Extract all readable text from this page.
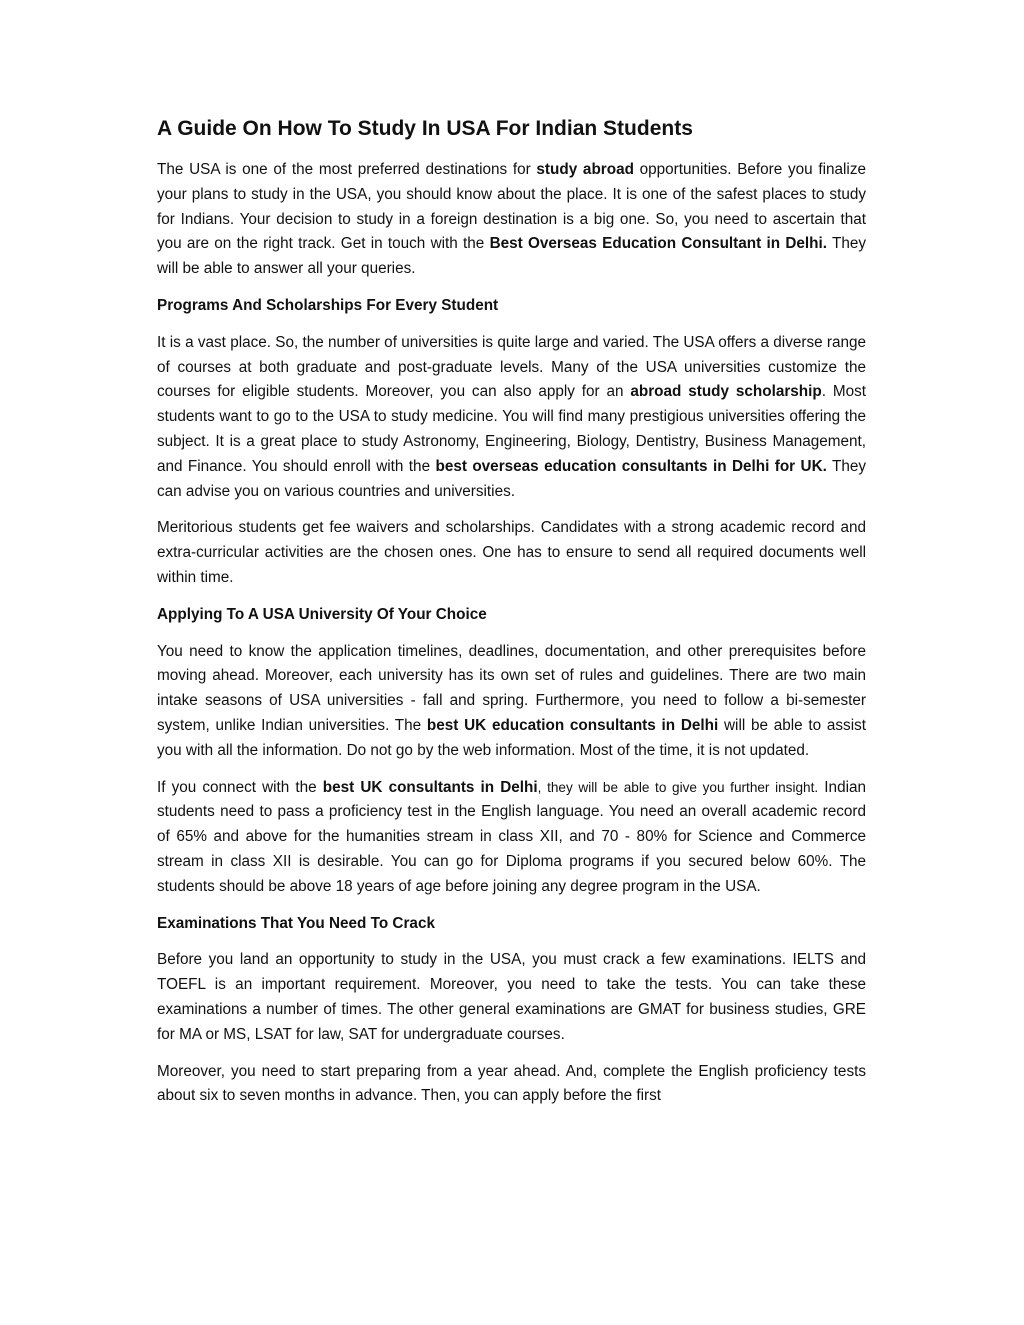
A Guide On How To Study In USA For Indian Students

The USA is one of the most preferred destinations for study abroad opportunities. Before you finalize your plans to study in the USA, you should know about the place. It is one of the safest places to study for Indians. Your decision to study in a foreign destination is a big one. So, you need to ascertain that you are on the right track. Get in touch with the Best Overseas Education Consultant in Delhi. They will be able to answer all your queries.

Programs And Scholarships For Every Student

It is a vast place. So, the number of universities is quite large and varied. The USA offers a diverse range of courses at both graduate and post-graduate levels. Many of the USA universities customize the courses for eligible students. Moreover, you can also apply for an abroad study scholarship. Most students want to go to the USA to study medicine. You will find many prestigious universities offering the subject. It is a great place to study Astronomy, Engineering, Biology, Dentistry, Business Management, and Finance. You should enroll with the best overseas education consultants in Delhi for UK. They can advise you on various countries and universities.

Meritorious students get fee waivers and scholarships. Candidates with a strong academic record and extra-curricular activities are the chosen ones. One has to ensure to send all required documents well within time.

Applying To A USA University Of Your Choice

You need to know the application timelines, deadlines, documentation, and other prerequisites before moving ahead. Moreover, each university has its own set of rules and guidelines. There are two main intake seasons of USA universities - fall and spring. Furthermore, you need to follow a bi-semester system, unlike Indian universities. The best UK education consultants in Delhi will be able to assist you with all the information. Do not go by the web information. Most of the time, it is not updated.

If you connect with the best UK consultants in Delhi, they will be able to give you further insight. Indian students need to pass a proficiency test in the English language. You need an overall academic record of 65% and above for the humanities stream in class XII, and 70 - 80% for Science and Commerce stream in class XII is desirable. You can go for Diploma programs if you secured below 60%. The students should be above 18 years of age before joining any degree program in the USA.

Examinations That You Need To Crack

Before you land an opportunity to study in the USA, you must crack a few examinations. IELTS and TOEFL is an important requirement. Moreover, you need to take the tests. You can take these examinations a number of times. The other general examinations are GMAT for business studies, GRE for MA or MS, LSAT for law, SAT for undergraduate courses.

Moreover, you need to start preparing from a year ahead. And, complete the English proficiency tests about six to seven months in advance. Then, you can apply before the first
